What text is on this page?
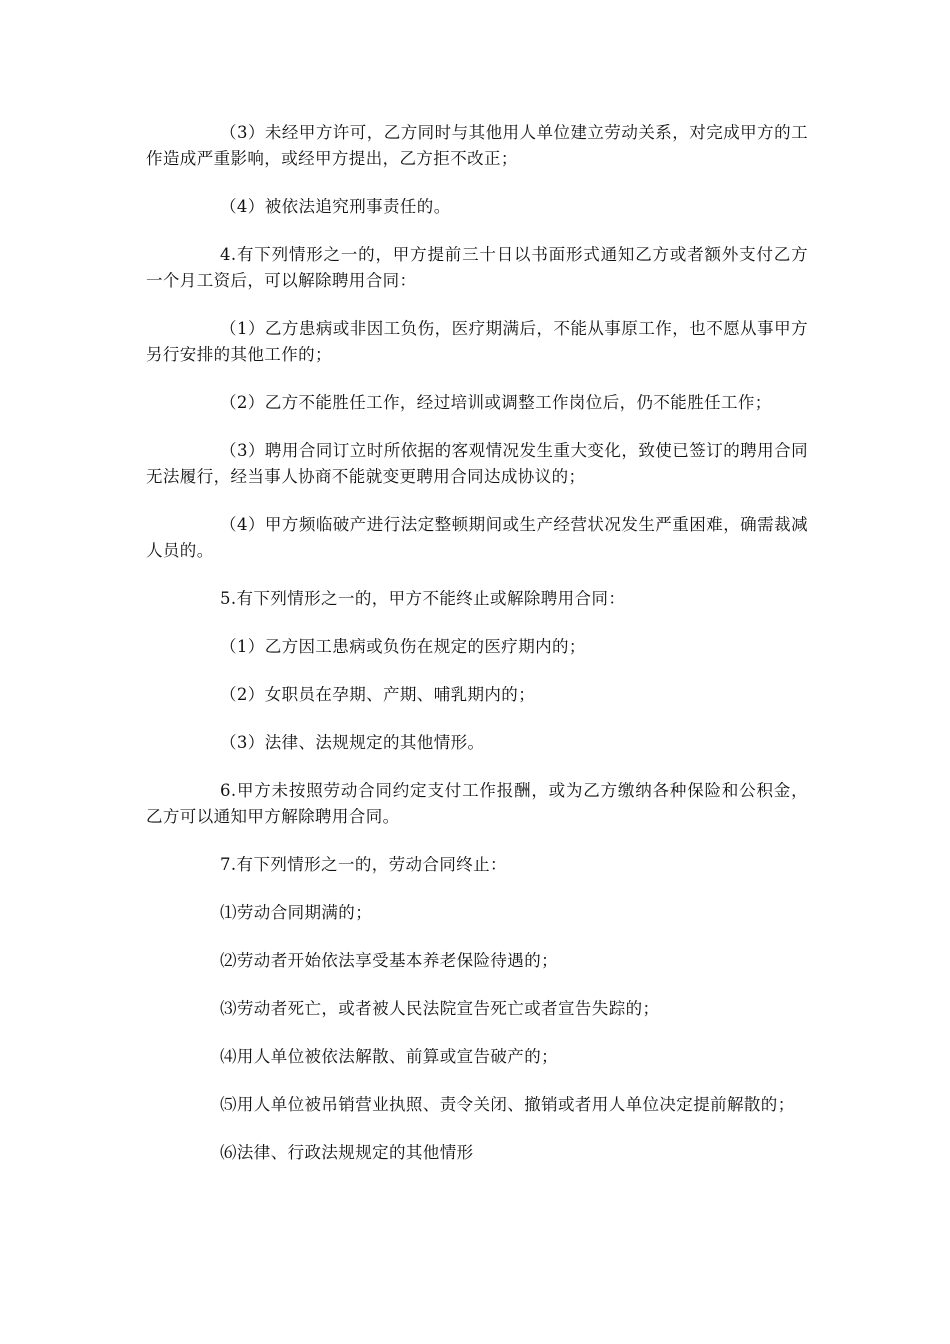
（3）未经甲方许可，乙方同时与其他用人单位建立劳动关系，对完成甲方的工作造成严重影响，或经甲方提出，乙方拒不改正；

（4）被依法追究刑事责任的。

4.有下列情形之一的，甲方提前三十日以书面形式通知乙方或者额外支付乙方一个月工资后，可以解除聘用合同：

（1）乙方患病或非因工负伤，医疗期满后，不能从事原工作，也不愿从事甲方另行安排的其他工作的；

（2）乙方不能胜任工作，经过培训或调整工作岗位后，仍不能胜任工作；

（3）聘用合同订立时所依据的客观情况发生重大变化，致使已签订的聘用合同无法履行，经当事人协商不能就变更聘用合同达成协议的；

（4）甲方频临破产进行法定整顿期间或生产经营状况发生严重困难，确需裁减人员的。

5.有下列情形之一的，甲方不能终止或解除聘用合同：

（1）乙方因工患病或负伤在规定的医疗期内的；

（2）女职员在孕期、产期、哺乳期内的；

（3）法律、法规规定的其他情形。

6.甲方未按照劳动合同约定支付工作报酬，或为乙方缴纳各种保险和公积金，乙方可以通知甲方解除聘用合同。

7.有下列情形之一的，劳动合同终止：

⑴劳动合同期满的；

⑵劳动者开始依法享受基本养老保险待遇的；

⑶劳动者死亡，或者被人民法院宣告死亡或者宣告失踪的；

⑷用人单位被依法解散、前算或宣告破产的；

⑸用人单位被吊销营业执照、责令关闭、撤销或者用人单位决定提前解散的；

⑹法律、行政法规规定的其他情形
